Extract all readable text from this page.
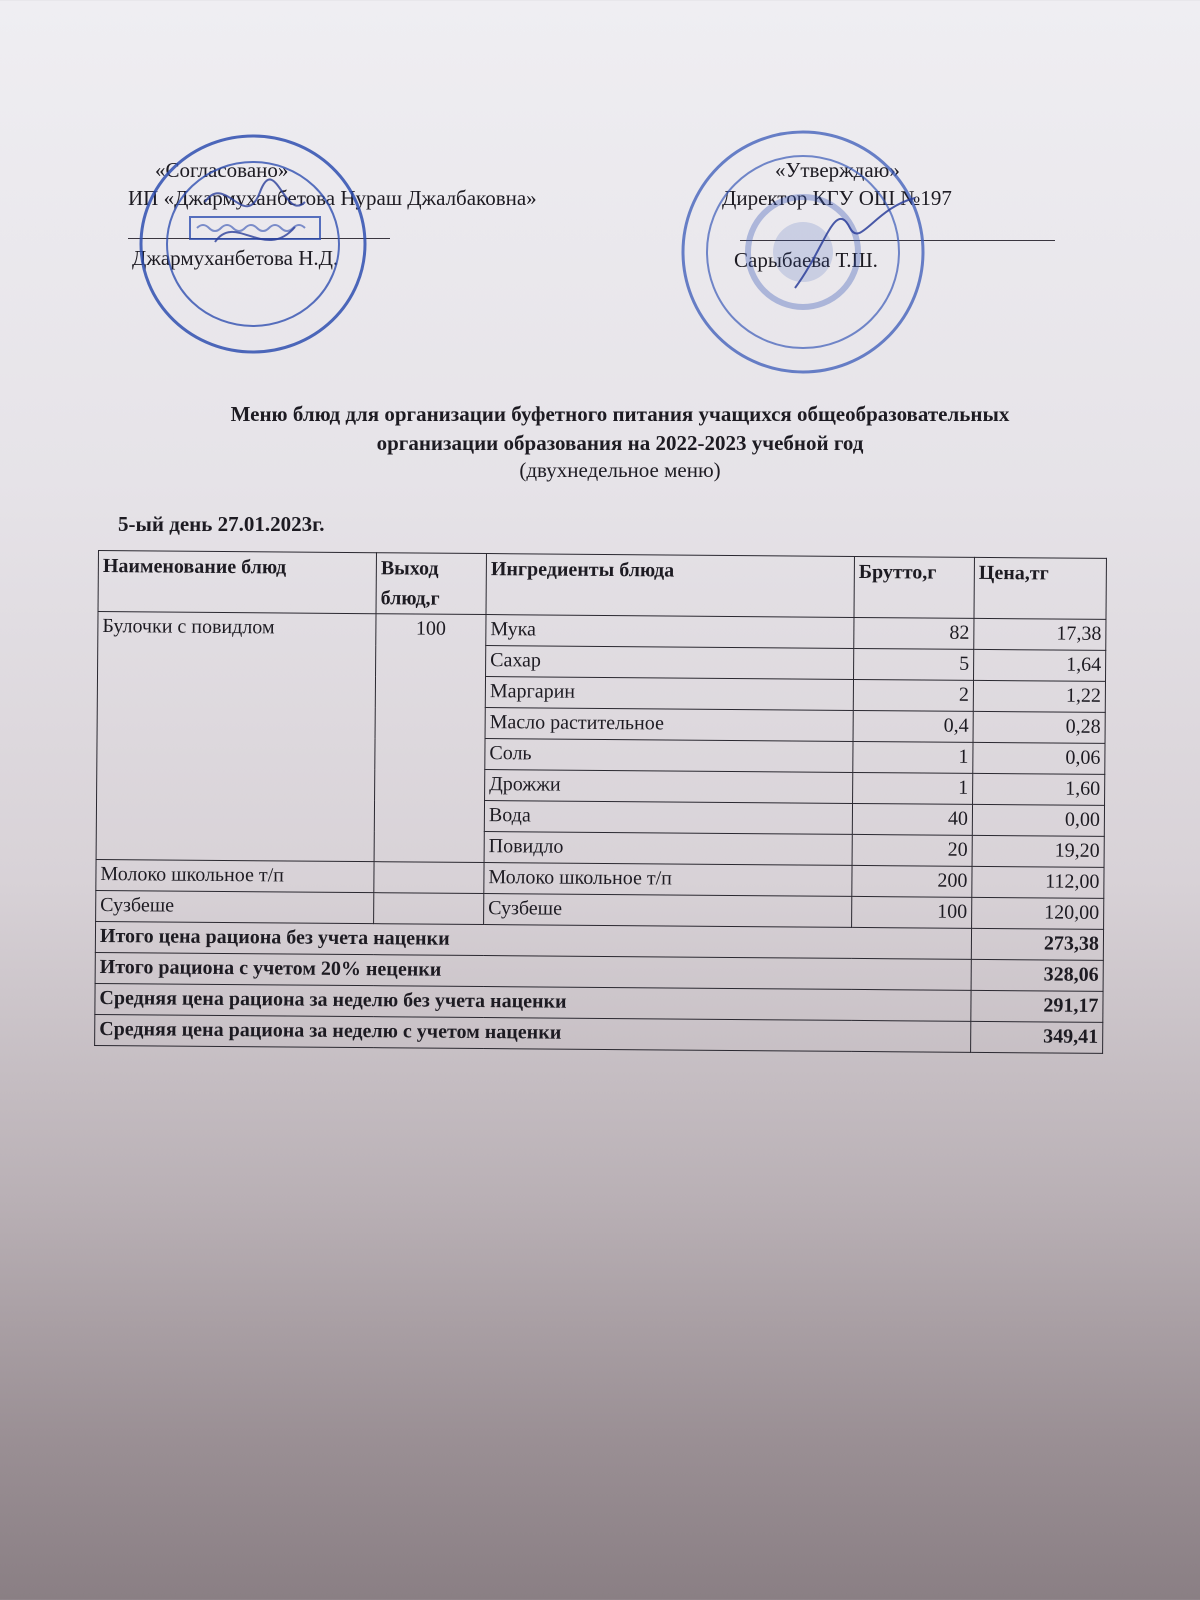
«Согласовано»
ИП «Джармуханбетова Нураш Джалбаковна»
Джармуханбетова Н.Д.
«Утверждаю»
Директор КГУ ОШ №197
Сарыбаева Т.Ш.
Меню блюд для организации буфетного питания учащихся общеобразовательных
организации образования на 2022-2023 учебной год
(двухнедельное меню)
5-ый день 27.01.2023г.
Наименование блюд	Выход блюд,г	Ингредиенты блюда	Брутто,г	Цена,тг
Булочки с повидлом	100	Мука	82	17,38
		Сахар	5	1,64
		Маргарин	2	1,22
		Масло растительное	0,4	0,28
		Соль	1	0,06
		Дрожжи	1	1,60
		Вода	40	0,00
		Повидло	20	19,20
Молоко школьное т/п		Молоко школьное т/п	200	112,00
Сузбеше		Сузбеше	100	120,00
Итого цена рациона без учета наценки				273,38
Итого рациона с учетом 20% неценки				328,06
Средняя цена рациона за неделю без учета наценки				291,17
Средняя цена рациона за неделю с учетом наценки				349,41
